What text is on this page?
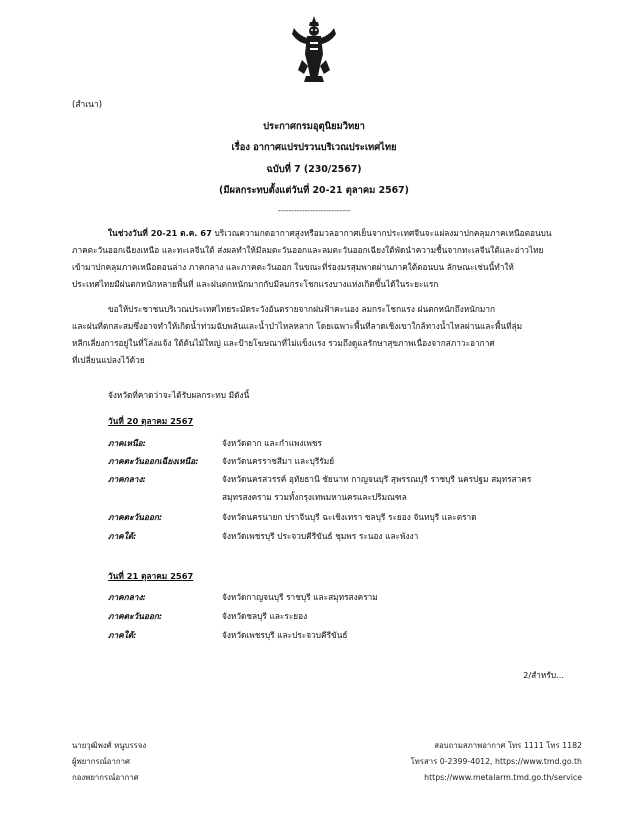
(สำเนา)
ประกาศกรมอุตุนิยมวิทยา
เรื่อง อากาศแปรปรวนบริเวณประเทศไทย
ฉบับที่ 7 (230/2567)
(มีผลกระทบตั้งแต่วันที่ 20-21 ตุลาคม 2567)
---------------------------
ในช่วงวันที่ 20-21 ต.ค. 67 บริเวณความกดอากาศสูงหรือมวลอากาศเย็นจากประเทศจีนจะแผ่ลงมาปกคลุมภาคเหนือตอนบน
ภาคตะวันออกเฉียงเหนือ และทะเลจีนใต้ ส่งผลทำให้มีลมตะวันออกและลมตะวันออกเฉียงใต้พัดนำความชื้นจากทะเลจีนใต้และอ่าวไทย
เข้ามาปกคลุมภาคเหนือตอนล่าง ภาคกลาง และภาคตะวันออก ในขณะที่ร่องมรสุมพาดผ่านภาคใต้ตอนบน ลักษณะเช่นนี้ทำให้
ประเทศไทยมีฝนตกหนักหลายพื้นที่ และฝนตกหนักมากกับมีลมกระโชกแรงบางแห่งเกิดขึ้นได้ในระยะแรก
ขอให้ประชาชนบริเวณประเทศไทยระมัดระวังอันตรายจากฝนฟ้าคะนอง ลมกระโชกแรง ฝนตกหนักถึงหนักมาก
และฝนที่ตกสะสมซึ่งอาจทำให้เกิดน้ำท่วมฉับพลันและน้ำป่าไหลหลาก โดยเฉพาะพื้นที่ลาดเชิงเขาใกล้ทางน้ำไหลผ่านและพื้นที่ลุ่ม
หลีกเลี่ยงการอยู่ในที่โล่งแจ้ง ใต้ต้นไม้ใหญ่ และป้ายโฆษณาที่ไม่แข็งแรง รวมถึงดูแลรักษาสุขภาพเนื่องจากสภาวะอากาศ
ที่เปลี่ยนแปลงไว้ด้วย
จังหวัดที่คาดว่าจะได้รับผลกระทบ มีดังนี้
วันที่ 20 ตุลาคม 2567
ภาคเหนือ:	จังหวัดตาก และกำแพงเพชร
ภาคตะวันออกเฉียงเหนือ:	จังหวัดนครราชสีมา และบุรีรัมย์
ภาคกลาง:	จังหวัดนครสวรรค์ อุทัยธานี ชัยนาท กาญจนบุรี สุพรรณบุรี ราชบุรี นครปฐม สมุทรสาคร
สมุทรสงคราม รวมทั้งกรุงเทพมหานครและปริมณฑล
ภาคตะวันออก:	จังหวัดนครนายก ปราจีนบุรี ฉะเชิงเทรา ชลบุรี ระยอง จันทบุรี และตราด
ภาคใต้:	จังหวัดเพชรบุรี ประจวบคีรีขันธ์ ชุมพร ระนอง และพังงา
วันที่ 21 ตุลาคม 2567
ภาคกลาง:	จังหวัดกาญจนบุรี ราชบุรี และสมุทรสงคราม
ภาคตะวันออก:	จังหวัดชลบุรี และระยอง
ภาคใต้:	จังหวัดเพชรบุรี และประจวบคีรีขันธ์
2/สำหรับ...
นายวุฒิพงศ์ หนูบรรจง
ผู้พยากรณ์อากาศ
กองพยากรณ์อากาศ
สอบถามสภาพอากาศ โทร 1111 โทร 1182
โทรสาร 0-2399-4012, https://www.tmd.go.th
https://www.metalarm.tmd.go.th/service
